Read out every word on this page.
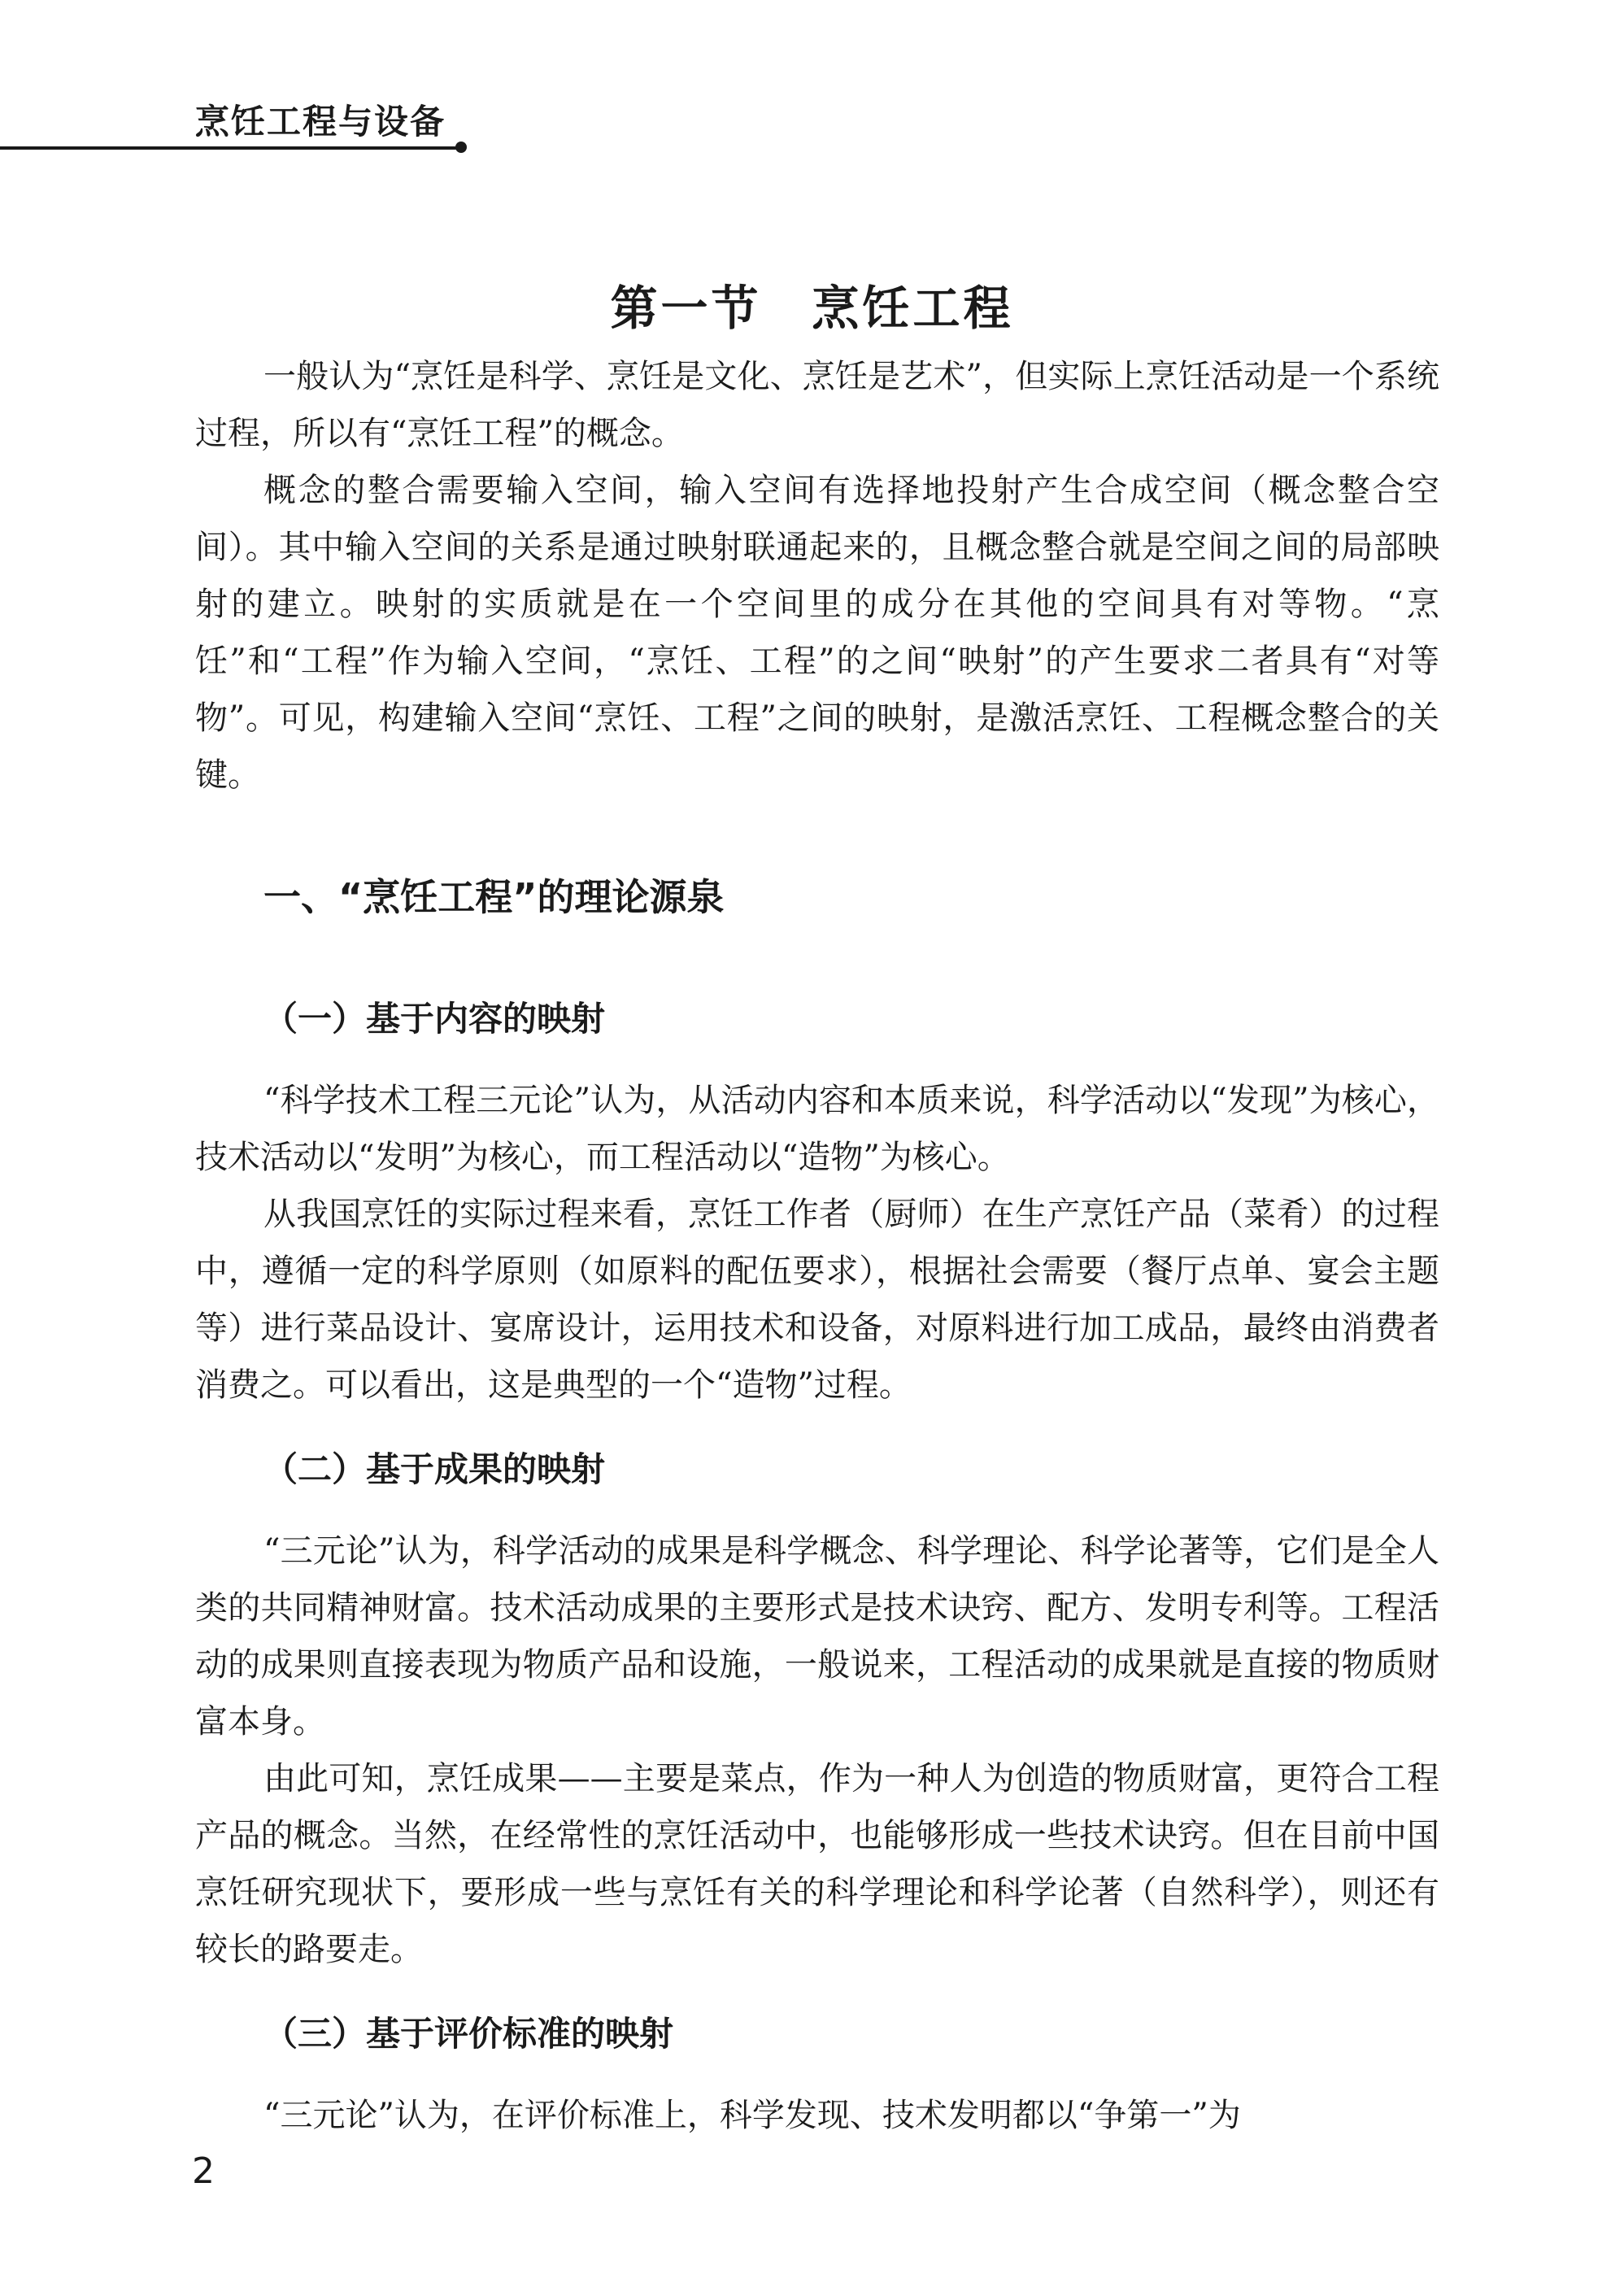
烹饪工程与设备
第一节　烹饪工程

一般认为“烹饪是科学、烹饪是文化、烹饪是艺术”，但实际上烹饪活动是一个系统过程，所以有“烹饪工程”的概念。

概念的整合需要输入空间，输入空间有选择地投射产生合成空间（概念整合空间）。其中输入空间的关系是通过映射联通起来的，且概念整合就是空间之间的局部映射的建立。映射的实质就是在一个空间里的成分在其他的空间具有对等物。“烹饪”和“工程”作为输入空间，“烹饪、工程”的之间“映射”的产生要求二者具有“对等物”。可见，构建输入空间“烹饪、工程”之间的映射，是激活烹饪、工程概念整合的关键。

一、“烹饪工程”的理论源泉
（一）基于内容的映射

“科学技术工程三元论”认为，从活动内容和本质来说，科学活动以“发现”为核心，技术活动以“发明”为核心，而工程活动以“造物”为核心。

从我国烹饪的实际过程来看，烹饪工作者（厨师）在生产烹饪产品（菜肴）的过程中，遵循一定的科学原则（如原料的配伍要求），根据社会需要（餐厅点单、宴会主题等）进行菜品设计、宴席设计，运用技术和设备，对原料进行加工成品，最终由消费者消费之。可以看出，这是典型的一个“造物”过程。

（二）基于成果的映射

“三元论”认为，科学活动的成果是科学概念、科学理论、科学论著等，它们是全人类的共同精神财富。技术活动成果的主要形式是技术诀窍、配方、发明专利等。工程活动的成果则直接表现为物质产品和设施，一般说来，工程活动的成果就是直接的物质财富本身。

由此可知，烹饪成果——主要是菜点，作为一种人为创造的物质财富，更符合工程产品的概念。当然，在经常性的烹饪活动中，也能够形成一些技术诀窍。但在目前中国烹饪研究现状下，要形成一些与烹饪有关的科学理论和科学论著（自然科学），则还有较长的路要走。

（三）基于评价标准的映射

“三元论”认为，在评价标准上，科学发现、技术发明都以“争第一”为

2
